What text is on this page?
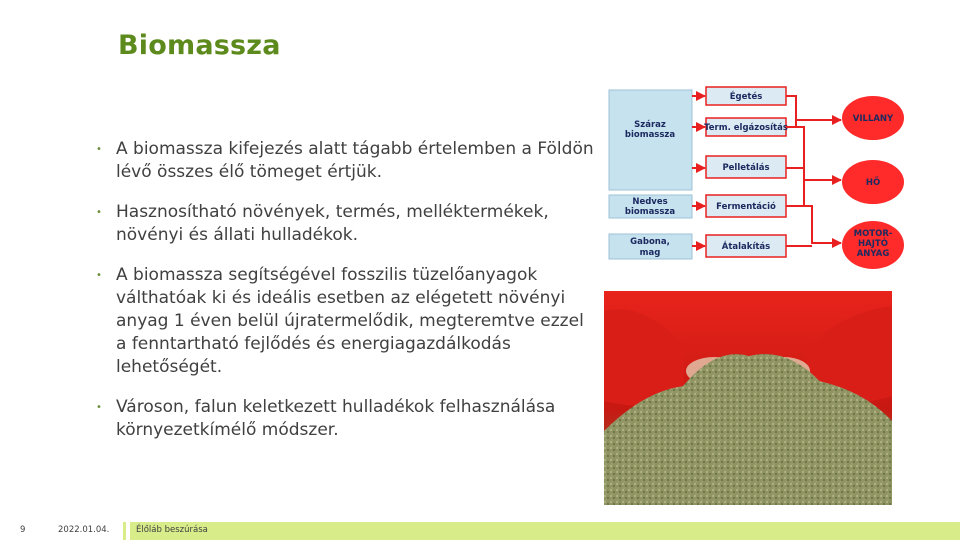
Biomassza
• A biomassza kifejezés alatt tágabb értelemben a Földön lévő összes élő tömeget értjük.
• Hasznosítható növények, termés, melléktermékek, növényi és állati hulladékok.
• A biomassza segítségével fosszilis tüzelőanyagok válthatóak ki és ideális esetben az elégetett növényi anyag 1 éven belül újratermelődik, megteremtve ezzel a fenntartható fejlődés és energiagazdálkodás lehetőségét.
• Városon, falun keletkezett hulladékok felhasználása környezetkímélő módszer.
Száraz
biomassza
Nedves
biomassza
Gabona,
mag
Égetés
Term. elgázosítás
Pelletálás
Fermentáció
Átalakítás
VILLANY
HŐ
MOTOR-
HAJTÓ
ANYAG
9	2022.01.04.	Élőláb beszúrása
